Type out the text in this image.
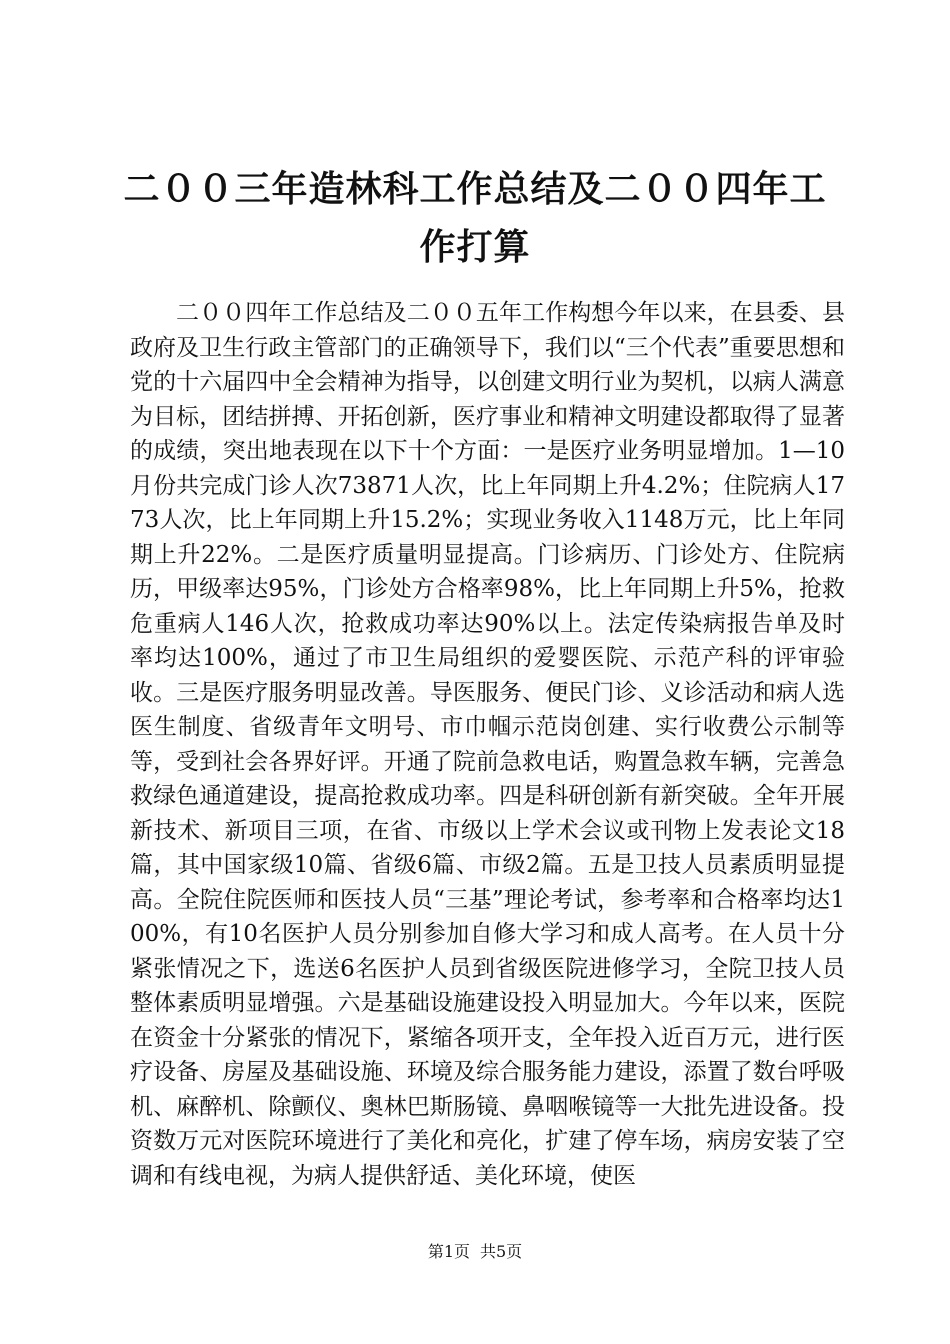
二００三年造林科工作总结及二００四年工作打算

二００四年工作总结及二００五年工作构想今年以来，在县委、县政府及卫生行政主管部门的正确领导下，我们以“三个代表”重要思想和党的十六届四中全会精神为指导，以创建文明行业为契机，以病人满意为目标，团结拼搏、开拓创新，医疗事业和精神文明建设都取得了显著的成绩，突出地表现在以下十个方面：一是医疗业务明显增加。1—10月份共完成门诊人次73871人次，比上年同期上升4.2%；住院病人1773人次，比上年同期上升15.2%；实现业务收入1148万元，比上年同期上升22%。二是医疗质量明显提高。门诊病历、门诊处方、住院病历，甲级率达95%，门诊处方合格率98%，比上年同期上升5%，抢救危重病人146人次，抢救成功率达90%以上。法定传染病报告单及时率均达100%，通过了市卫生局组织的爱婴医院、示范产科的评审验收。三是医疗服务明显改善。导医服务、便民门诊、义诊活动和病人选医生制度、省级青年文明号、市巾帼示范岗创建、实行收费公示制等等，受到社会各界好评。开通了院前急救电话，购置急救车辆，完善急救绿色通道建设，提高抢救成功率。四是科研创新有新突破。全年开展新技术、新项目三项，在省、市级以上学术会议或刊物上发表论文18篇，其中国家级10篇、省级6篇、市级2篇。五是卫技人员素质明显提高。全院住院医师和医技人员“三基”理论考试，参考率和合格率均达100%，有10名医护人员分别参加自修大学习和成人高考。在人员十分紧张情况之下，选送6名医护人员到省级医院进修学习，全院卫技人员整体素质明显增强。六是基础设施建设投入明显加大。今年以来，医院在资金十分紧张的情况下，紧缩各项开支，全年投入近百万元，进行医疗设备、房屋及基础设施、环境及综合服务能力建设，添置了数台呼吸机、麻醉机、除颤仪、奥林巴斯肠镜、鼻咽喉镜等一大批先进设备。投资数万元对医院环境进行了美化和亮化，扩建了停车场，病房安装了空调和有线电视，为病人提供舒适、美化环境，使医

第1页 共5页
